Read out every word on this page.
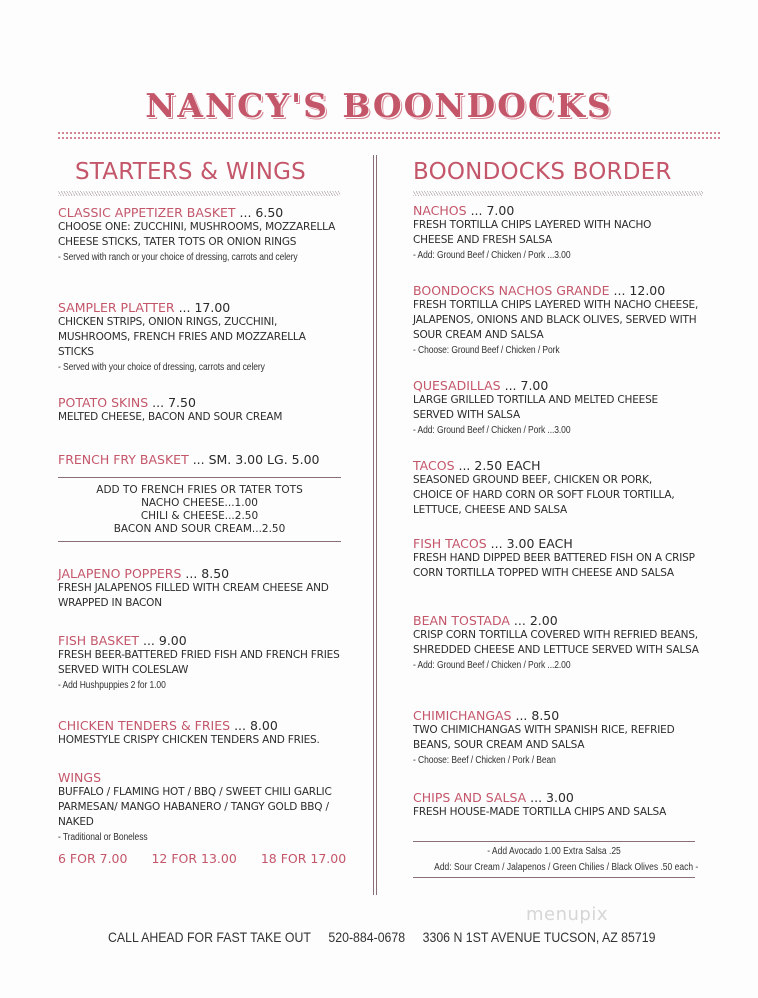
NANCY'S BOONDOCKS
STARTERS & WINGS
CLASSIC APPETIZER BASKET ... 6.50
CHOOSE ONE: ZUCCHINI, MUSHROOMS, MOZZARELLA CHEESE STICKS, TATER TOTS OR ONION RINGS
- Served with ranch or your choice of dressing, carrots and celery
SAMPLER PLATTER ... 17.00
CHICKEN STRIPS, ONION RINGS, ZUCCHINI, MUSHROOMS, FRENCH FRIES AND MOZZARELLA STICKS
- Served with your choice of dressing, carrots and celery
POTATO SKINS ... 7.50
MELTED CHEESE, BACON AND SOUR CREAM
FRENCH FRY BASKET ... SM. 3.00 LG. 5.00
ADD TO FRENCH FRIES OR TATER TOTS
NACHO CHEESE...1.00
CHILI & CHEESE...2.50
BACON AND SOUR CREAM...2.50
JALAPENO POPPERS ... 8.50
FRESH JALAPENOS FILLED WITH CREAM CHEESE AND WRAPPED IN BACON
FISH BASKET ... 9.00
FRESH BEER-BATTERED FRIED FISH AND FRENCH FRIES SERVED WITH COLESLAW
- Add Hushpuppies 2 for 1.00
CHICKEN TENDERS & FRIES ... 8.00
HOMESTYLE CRISPY CHICKEN TENDERS AND FRIES.
WINGS
BUFFALO / FLAMING HOT / BBQ / SWEET CHILI GARLIC PARMESAN/ MANGO HABANERO / TANGY GOLD BBQ / NAKED
- Traditional or Boneless
6 FOR 7.00 12 FOR 13.00 18 FOR 17.00
BOONDOCKS BORDER
NACHOS ... 7.00
FRESH TORTILLA CHIPS LAYERED WITH NACHO CHEESE AND FRESH SALSA
- Add: Ground Beef / Chicken / Pork ...3.00
BOONDOCKS NACHOS GRANDE ... 12.00
FRESH TORTILLA CHIPS LAYERED WITH NACHO CHEESE, JALAPENOS, ONIONS AND BLACK OLIVES, SERVED WITH SOUR CREAM AND SALSA
- Choose: Ground Beef / Chicken / Pork
QUESADILLAS ... 7.00
LARGE GRILLED TORTILLA AND MELTED CHEESE SERVED WITH SALSA
- Add: Ground Beef / Chicken / Pork ...3.00
TACOS ... 2.50 EACH
SEASONED GROUND BEEF, CHICKEN OR PORK, CHOICE OF HARD CORN OR SOFT FLOUR TORTILLA, LETTUCE, CHEESE AND SALSA
FISH TACOS ... 3.00 EACH
FRESH HAND DIPPED BEER BATTERED FISH ON A CRISP CORN TORTILLA TOPPED WITH CHEESE AND SALSA
BEAN TOSTADA ... 2.00
CRISP CORN TORTILLA COVERED WITH REFRIED BEANS, SHREDDED CHEESE AND LETTUCE SERVED WITH SALSA
- Add: Ground Beef / Chicken / Pork ...2.00
CHIMICHANGAS ... 8.50
TWO CHIMICHANGAS WITH SPANISH RICE, REFRIED BEANS, SOUR CREAM AND SALSA
- Choose: Beef / Chicken / Pork / Bean
CHIPS AND SALSA ... 3.00
FRESH HOUSE-MADE TORTILLA CHIPS AND SALSA
- Add Avocado 1.00 Extra Salsa .25
Add: Sour Cream / Jalapenos / Green Chilies / Black Olives .50 each -
menupix
CALL AHEAD FOR FAST TAKE OUT 520-884-0678 3306 N 1ST AVENUE TUCSON, AZ 85719
